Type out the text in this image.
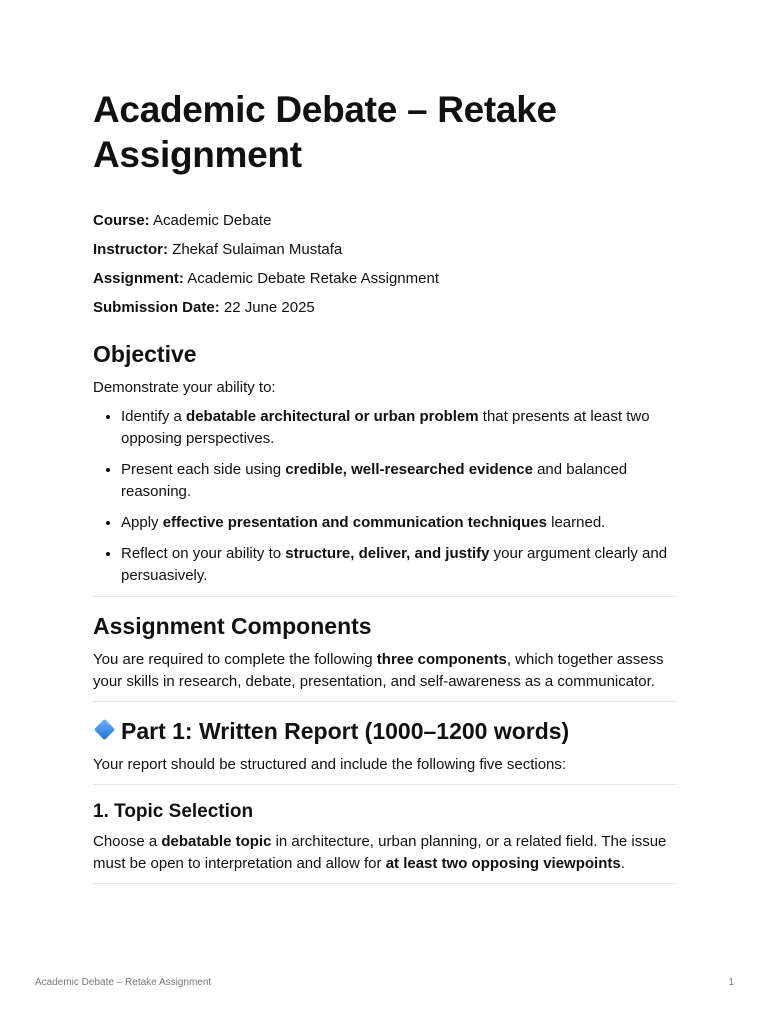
Academic Debate – Retake Assignment

Course: Academic Debate

Instructor: Zhekaf Sulaiman Mustafa

Assignment: Academic Debate Retake Assignment

Submission Date: 22 June 2025

Objective

Demonstrate your ability to:

• Identify a debatable architectural or urban problem that presents at least two opposing perspectives.
• Present each side using credible, well-researched evidence and balanced reasoning.
• Apply effective presentation and communication techniques learned.
• Reflect on your ability to structure, deliver, and justify your argument clearly and persuasively.
Assignment Components

You are required to complete the following three components, which together assess your skills in research, debate, presentation, and self-awareness as a communicator.

Part 1: Written Report (1000–1200 words)

Your report should be structured and include the following five sections:

1. Topic Selection

Choose a debatable topic in architecture, urban planning, or a related field. The issue must be open to interpretation and allow for at least two opposing viewpoints.

Academic Debate – Retake Assignment	1
